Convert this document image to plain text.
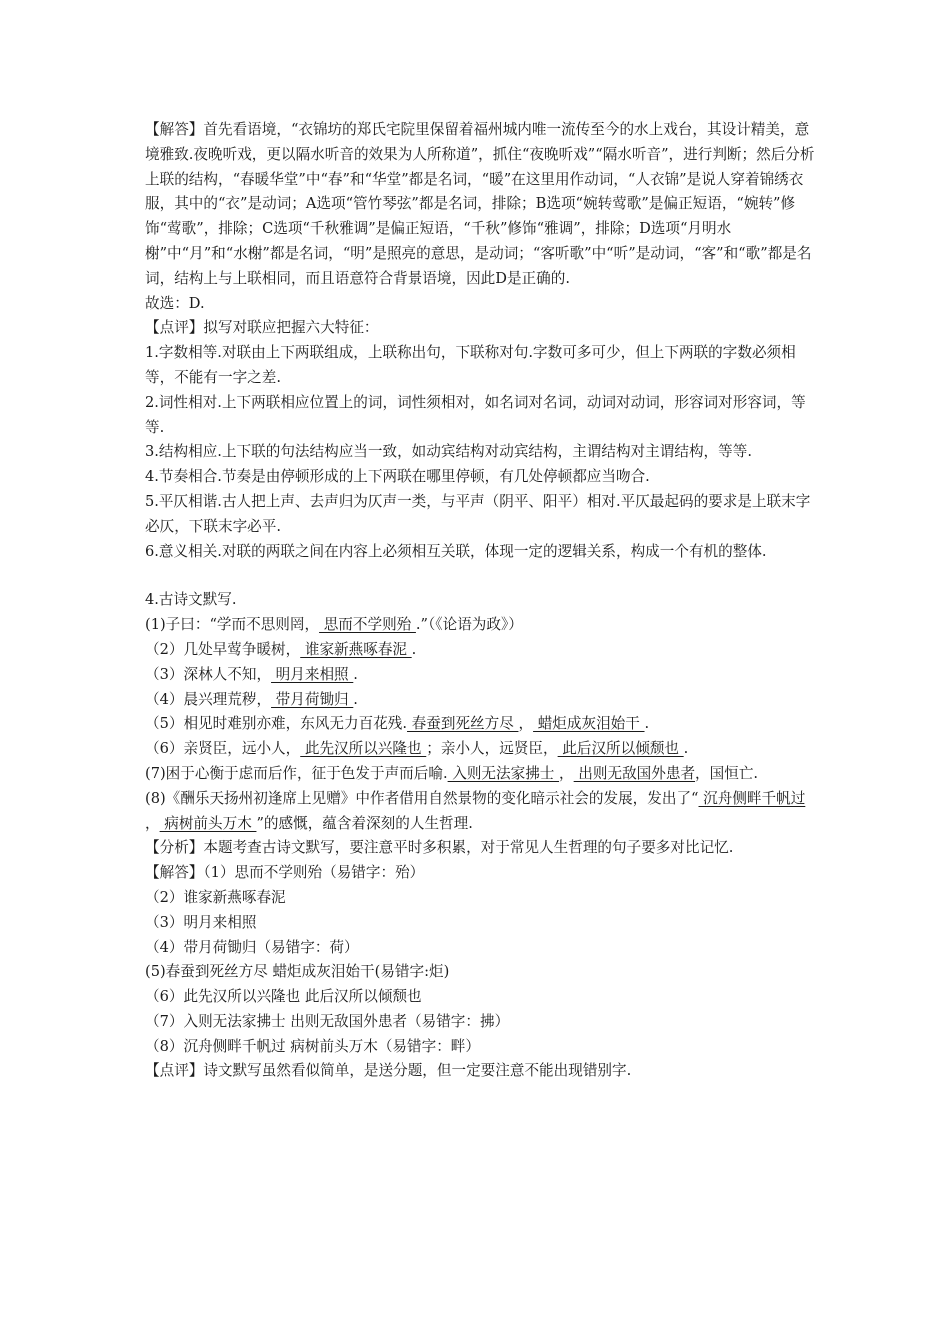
【解答】首先看语境，“衣锦坊的郑氏宅院里保留着福州城内唯一流传至今的水上戏台，其设计精美，意境雅致.夜晚听戏，更以隔水听音的效果为人所称道”，抓住“夜晚听戏”“隔水听音”，进行判断；然后分析上联的结构，“春暖华堂”中“春”和“华堂”都是名词，“暖”在这里用作动词，“人衣锦”是说人穿着锦绣衣服，其中的“衣”是动词；A选项“管竹琴弦”都是名词，排除；B选项“婉转莺歌”是偏正短语，“婉转”修饰“莺歌”，排除；C选项“千秋雅调”是偏正短语，“千秋”修饰“雅调”，排除；D选项“月明水榭”中“月”和“水榭”都是名词，“明”是照亮的意思，是动词；“客听歌”中“听”是动词，“客”和“歌”都是名词，结构上与上联相同，而且语意符合背景语境，因此D是正确的.

故选：D.

【点评】拟写对联应把握六大特征：

1.字数相等.对联由上下两联组成，上联称出句，下联称对句.字数可多可少，但上下两联的字数必须相等，不能有一字之差.

2.词性相对.上下两联相应位置上的词，词性须相对，如名词对名词，动词对动词，形容词对形容词，等等.

3.结构相应.上下联的句法结构应当一致，如动宾结构对动宾结构，主谓结构对主谓结构，等等.

4.节奏相合.节奏是由停顿形成的上下两联在哪里停顿，有几处停顿都应当吻合.

5.平仄相谐.古人把上声、去声归为仄声一类，与平声（阴平、阳平）相对.平仄最起码的要求是上联末字必仄，下联末字必平.

6.意义相关.对联的两联之间在内容上必须相互关联，体现一定的逻辑关系，构成一个有机的整体.

4.古诗文默写.

(1)子曰：“学而不思则罔， 思而不学则殆 .”（《论语为政》）

（2）几处早莺争暖树， 谁家新燕啄春泥 .

（3）深林人不知， 明月来相照 .

（4）晨兴理荒秽， 带月荷锄归 .

（5）相见时难别亦难，东风无力百花残. 春蚕到死丝方尽 ， 蜡炬成灰泪始干 .

（6）亲贤臣，远小人， 此先汉所以兴隆也 ；亲小人，远贤臣， 此后汉所以倾颓也 .

(7)困于心衡于虑而后作，征于色发于声而后喻. 入则无法家拂士 ， 出则无敌国外患者，国恒亡.

(8)《酬乐天扬州初逢席上见赠》中作者借用自然景物的变化暗示社会的发展，发出了“ 沉舟侧畔千帆过 ， 病树前头万木 ”的感慨，蕴含着深刻的人生哲理.

【分析】本题考查古诗文默写，要注意平时多积累，对于常见人生哲理的句子要多对比记忆.

【解答】（1）思而不学则殆（易错字：殆）

（2）谁家新燕啄春泥

（3）明月来相照

（4）带月荷锄归（易错字：荷）

(5)春蚕到死丝方尽 蜡炬成灰泪始干(易错字:炬)

（6）此先汉所以兴隆也 此后汉所以倾颓也

（7）入则无法家拂士 出则无敌国外患者（易错字：拂）

（8）沉舟侧畔千帆过 病树前头万木（易错字：畔）

【点评】诗文默写虽然看似简单，是送分题，但一定要注意不能出现错别字.
